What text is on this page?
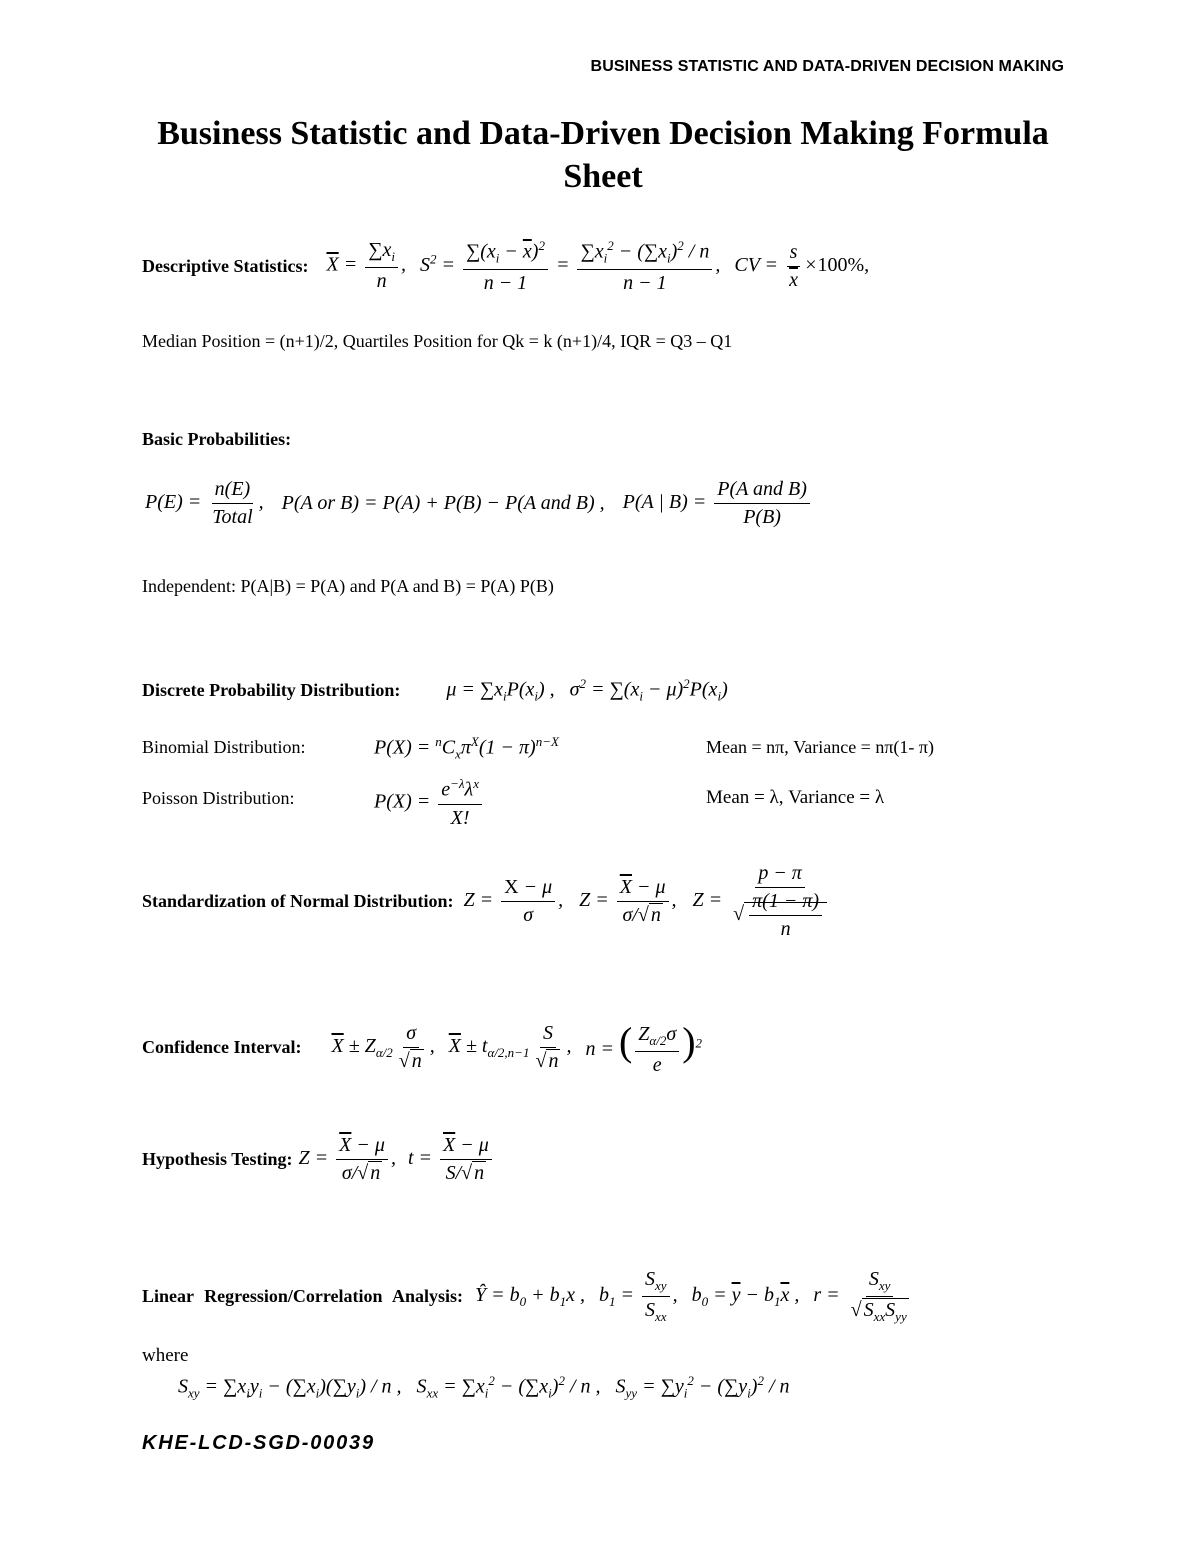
BUSINESS STATISTIC AND DATA-DRIVEN DECISION MAKING
Business Statistic and Data-Driven Decision Making Formula Sheet
Descriptive Statistics: $\overline{X} = \frac{\sum x_i}{n}$ , $S^2 = \frac{\sum(x_i - \overline{x})^2}{n - 1} = \frac{\sum x_i^2 - (\sum x_i)^2 / n}{n - 1}$ , CV = $\frac{s}{x} \times 100\%$,
Median Position = (n+1)/2, Quartiles Position for Qk = k (n+1)/4, IQR = Q3 – Q1
Basic Probabilities:
$P(E) = \frac{n(E)}{\text{Total}}$ , P(A or B) = P(A) + P(B) − P(A and B) , P(A | $B) = \frac{\text{P(A and B)}}{P(B)}$
Independent: P(A|B) = P(A) and P(A and B) = P(A) P(B)
Discrete Probability Distribution: $\mu = \sum x_iP(x_i)$ ,   $\sigma^2 = \sum(x_i - \mu)^2P(x_i)$
Binomial Distribution:	$P(X) = ^nC_x\pi^X(1 - \pi)^{n-X}$	Mean = nπ, Variance = nπ(1- π)
Poisson Distribution:	$P(X) = \frac{e^{-\lambda}\lambda^x}{X!}$	Mean = λ, Variance = λ
Standardization of Normal Distribution: $Z = \frac{X - \mu}{\sigma}$ , $Z = \frac{\overline{X} - \mu}{\sigma/√ n}$ , $Z = \frac{p - \pi}{√ \frac{\pi(1 - \pi)}{n}}$
Confidence Interval: $\overline{X} \pm Z_{\alpha/2} \frac{\sigma}{√ n}$ , $\overline{X} \pm t_{\alpha/2,n-1} \frac{S}{√ n}$ , n = ( $\frac{Z_{\alpha/2}\sigma}{e} )^2$
Hypothesis Testing: $Z = \frac{\overline{X} - \mu}{\sigma/√ n}$ , $t = \frac{\overline{X} - \mu}{S/√ n}$
Linear Regression/Correlation Analysis: Ŷ = $b_0 + b_1x$ , $b_1 = \frac{S_{xy}}{S_{xx}}$ , $b_0 = \overline{y} - b_1\overline{x}$ , $r = \frac{S_{xy}}{√ S_{xx}S_{yy}}$
where
$S_{xy} = \sum x_iy_i - (\sum x_i)(\sum y_i) / n$ ,   $S_{xx} = \sum x_i^2 - (\sum x_i)^2 / n$ ,   $S_{yy} = \sum y_i^2 - (\sum y_i)^2 / n$
KHE-LCD-SGD-00039
